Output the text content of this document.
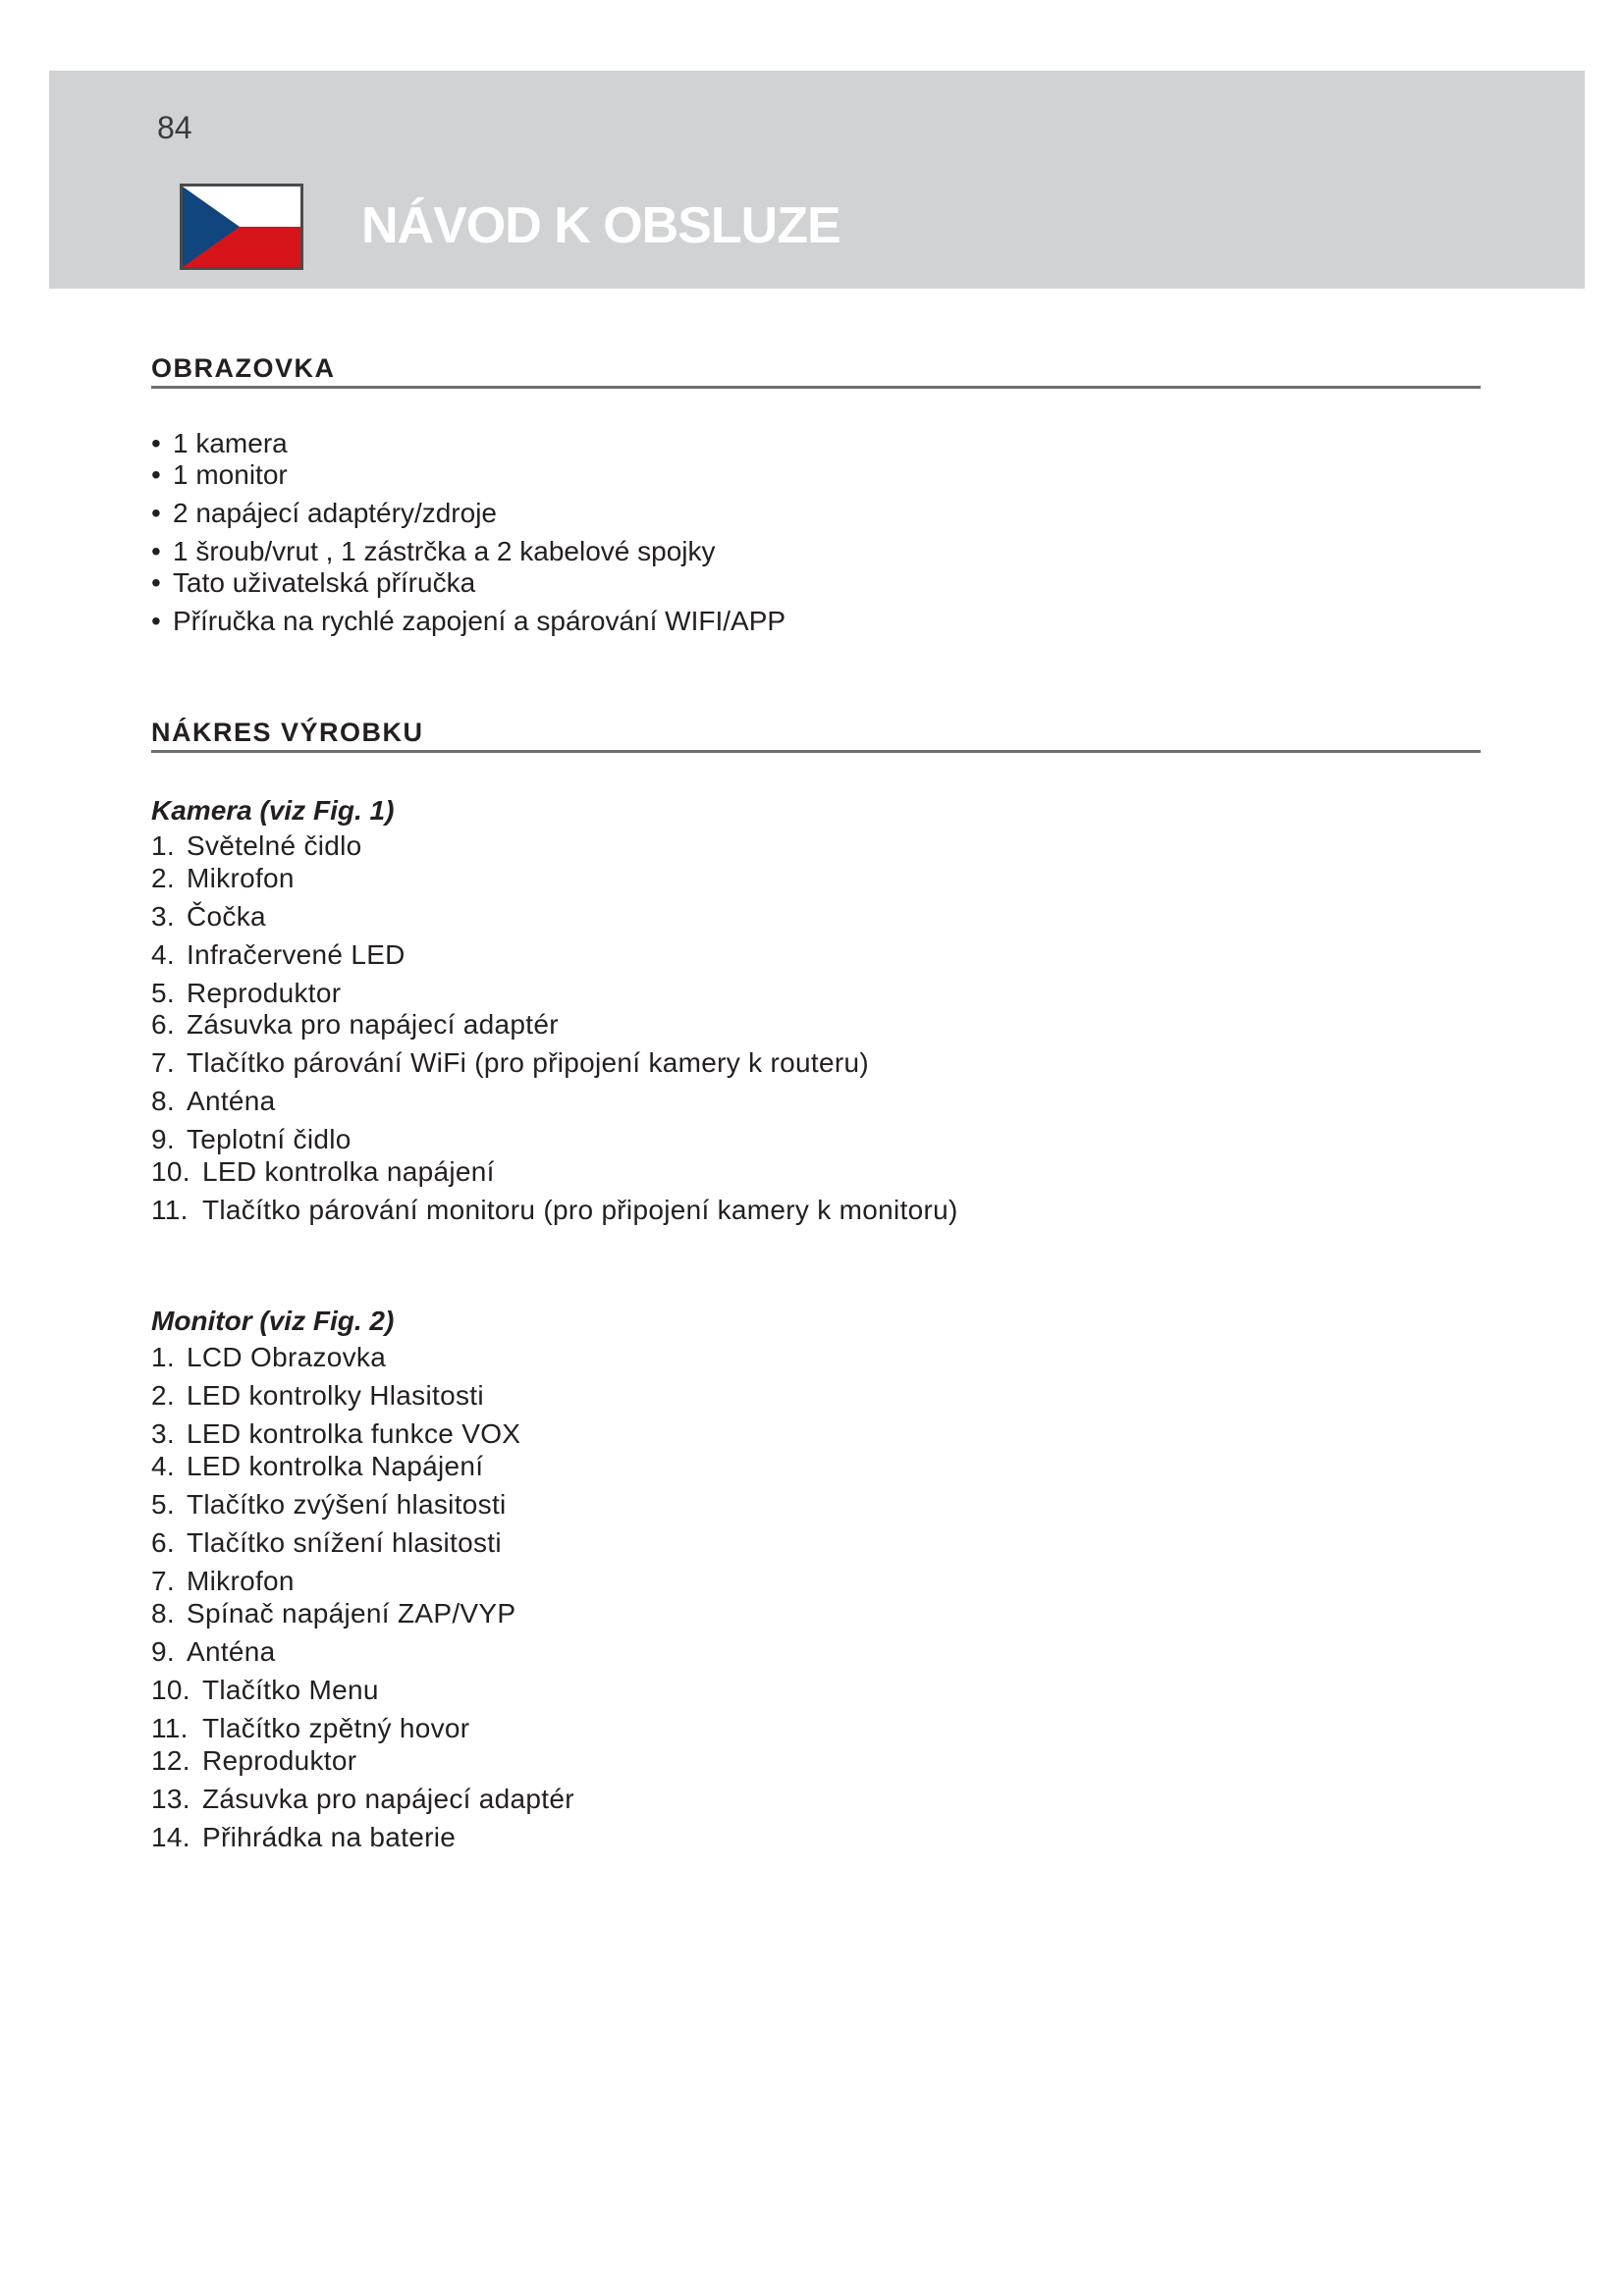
84
NÁVOD K OBSLUZE
OBRAZOVKA
• 1 kamera
• 1 monitor
• 2 napájecí adaptéry/zdroje
• 1 šroub/vrut , 1 zástrčka a 2 kabelové spojky
• Tato uživatelská příručka
• Příručka na rychlé zapojení a spárování WIFI/APP
NÁKRES VÝROBKU
Kamera (viz Fig. 1)
1. Světelné čidlo
2. Mikrofon
3. Čočka
4. Infračervené LED
5. Reproduktor
6. Zásuvka pro napájecí adaptér
7. Tlačítko párování WiFi (pro připojení kamery k routeru)
8. Anténa
9. Teplotní čidlo
10. LED kontrolka napájení
11. Tlačítko párování monitoru (pro připojení kamery k monitoru)
Monitor (viz Fig. 2)
1. LCD Obrazovka
2. LED kontrolky Hlasitosti
3. LED kontrolka funkce VOX
4. LED kontrolka Napájení
5. Tlačítko zvýšení hlasitosti
6. Tlačítko snížení hlasitosti
7. Mikrofon
8. Spínač napájení ZAP/VYP
9. Anténa
10. Tlačítko Menu
11. Tlačítko zpětný hovor
12. Reproduktor
13. Zásuvka pro napájecí adaptér
14. Přihrádka na baterie
